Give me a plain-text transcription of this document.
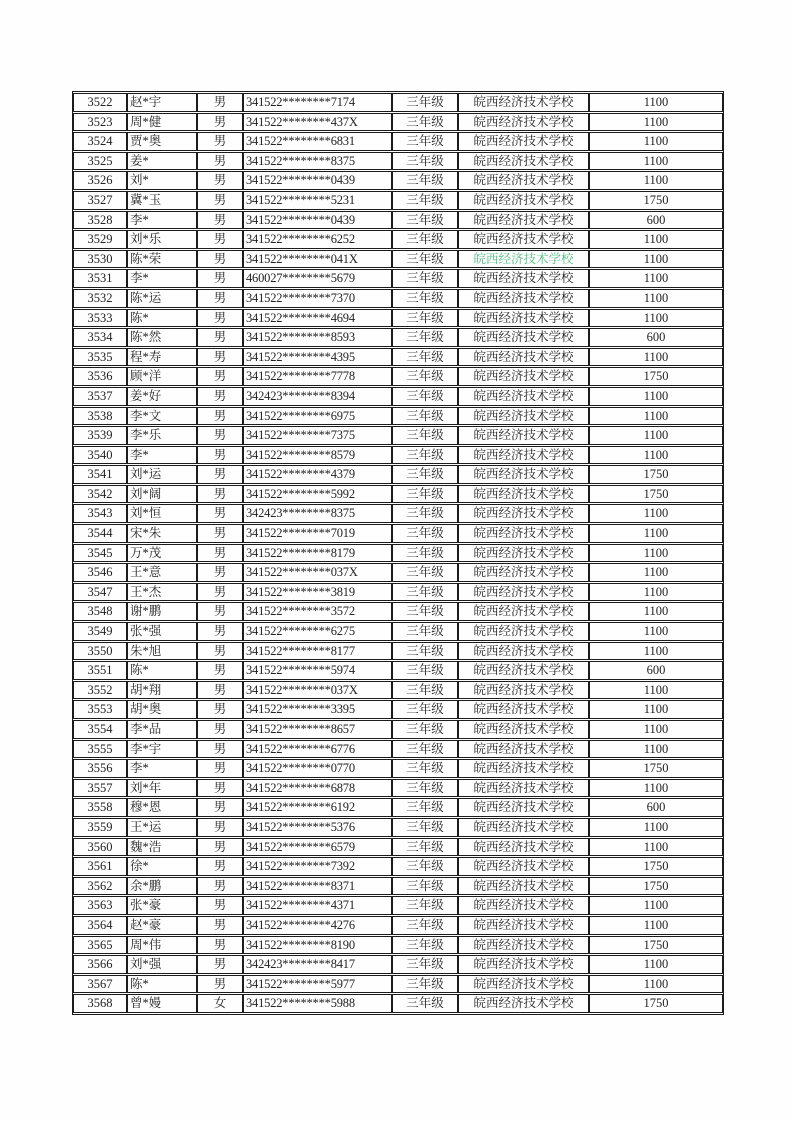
3522	赵*宇	男	341522********7174	三年级	皖西经济技术学校	1100
3523	周*健	男	341522********437X	三年级	皖西经济技术学校	1100
3524	贾*奥	男	341522********6831	三年级	皖西经济技术学校	1100
3525	姜*	男	341522********8375	三年级	皖西经济技术学校	1100
3526	刘*	男	341522********0439	三年级	皖西经济技术学校	1100
3527	冀*玉	男	341522********5231	三年级	皖西经济技术学校	1750
3528	李*	男	341522********0439	三年级	皖西经济技术学校	600
3529	刘*乐	男	341522********6252	三年级	皖西经济技术学校	1100
3530	陈*荣	男	341522********041X	三年级	皖西经济技术学校	1100
3531	李*	男	460027********5679	三年级	皖西经济技术学校	1100
3532	陈*运	男	341522********7370	三年级	皖西经济技术学校	1100
3533	陈*	男	341522********4694	三年级	皖西经济技术学校	1100
3534	陈*然	男	341522********8593	三年级	皖西经济技术学校	600
3535	程*寿	男	341522********4395	三年级	皖西经济技术学校	1100
3536	顾*洋	男	341522********7778	三年级	皖西经济技术学校	1750
3537	姜*好	男	342423********8394	三年级	皖西经济技术学校	1100
3538	李*文	男	341522********6975	三年级	皖西经济技术学校	1100
3539	李*乐	男	341522********7375	三年级	皖西经济技术学校	1100
3540	李*	男	341522********8579	三年级	皖西经济技术学校	1100
3541	刘*运	男	341522********4379	三年级	皖西经济技术学校	1750
3542	刘*阔	男	341522********5992	三年级	皖西经济技术学校	1750
3543	刘*恒	男	342423********8375	三年级	皖西经济技术学校	1100
3544	宋*朱	男	341522********7019	三年级	皖西经济技术学校	1100
3545	万*茂	男	341522********8179	三年级	皖西经济技术学校	1100
3546	王*意	男	341522********037X	三年级	皖西经济技术学校	1100
3547	王*杰	男	341522********3819	三年级	皖西经济技术学校	1100
3548	谢*鹏	男	341522********3572	三年级	皖西经济技术学校	1100
3549	张*强	男	341522********6275	三年级	皖西经济技术学校	1100
3550	朱*旭	男	341522********8177	三年级	皖西经济技术学校	1100
3551	陈*	男	341522********5974	三年级	皖西经济技术学校	600
3552	胡*翔	男	341522********037X	三年级	皖西经济技术学校	1100
3553	胡*奥	男	341522********3395	三年级	皖西经济技术学校	1100
3554	李*品	男	341522********8657	三年级	皖西经济技术学校	1100
3555	李*宇	男	341522********6776	三年级	皖西经济技术学校	1100
3556	李*	男	341522********0770	三年级	皖西经济技术学校	1750
3557	刘*年	男	341522********6878	三年级	皖西经济技术学校	1100
3558	穆*恩	男	341522********6192	三年级	皖西经济技术学校	600
3559	王*运	男	341522********5376	三年级	皖西经济技术学校	1100
3560	魏*浩	男	341522********6579	三年级	皖西经济技术学校	1100
3561	徐*	男	341522********7392	三年级	皖西经济技术学校	1750
3562	余*鹏	男	341522********8371	三年级	皖西经济技术学校	1750
3563	张*豪	男	341522********4371	三年级	皖西经济技术学校	1100
3564	赵*豪	男	341522********4276	三年级	皖西经济技术学校	1100
3565	周*伟	男	341522********8190	三年级	皖西经济技术学校	1750
3566	刘*强	男	342423********8417	三年级	皖西经济技术学校	1100
3567	陈*	男	341522********5977	三年级	皖西经济技术学校	1100
3568	曾*嫚	女	341522********5988	三年级	皖西经济技术学校	1750
